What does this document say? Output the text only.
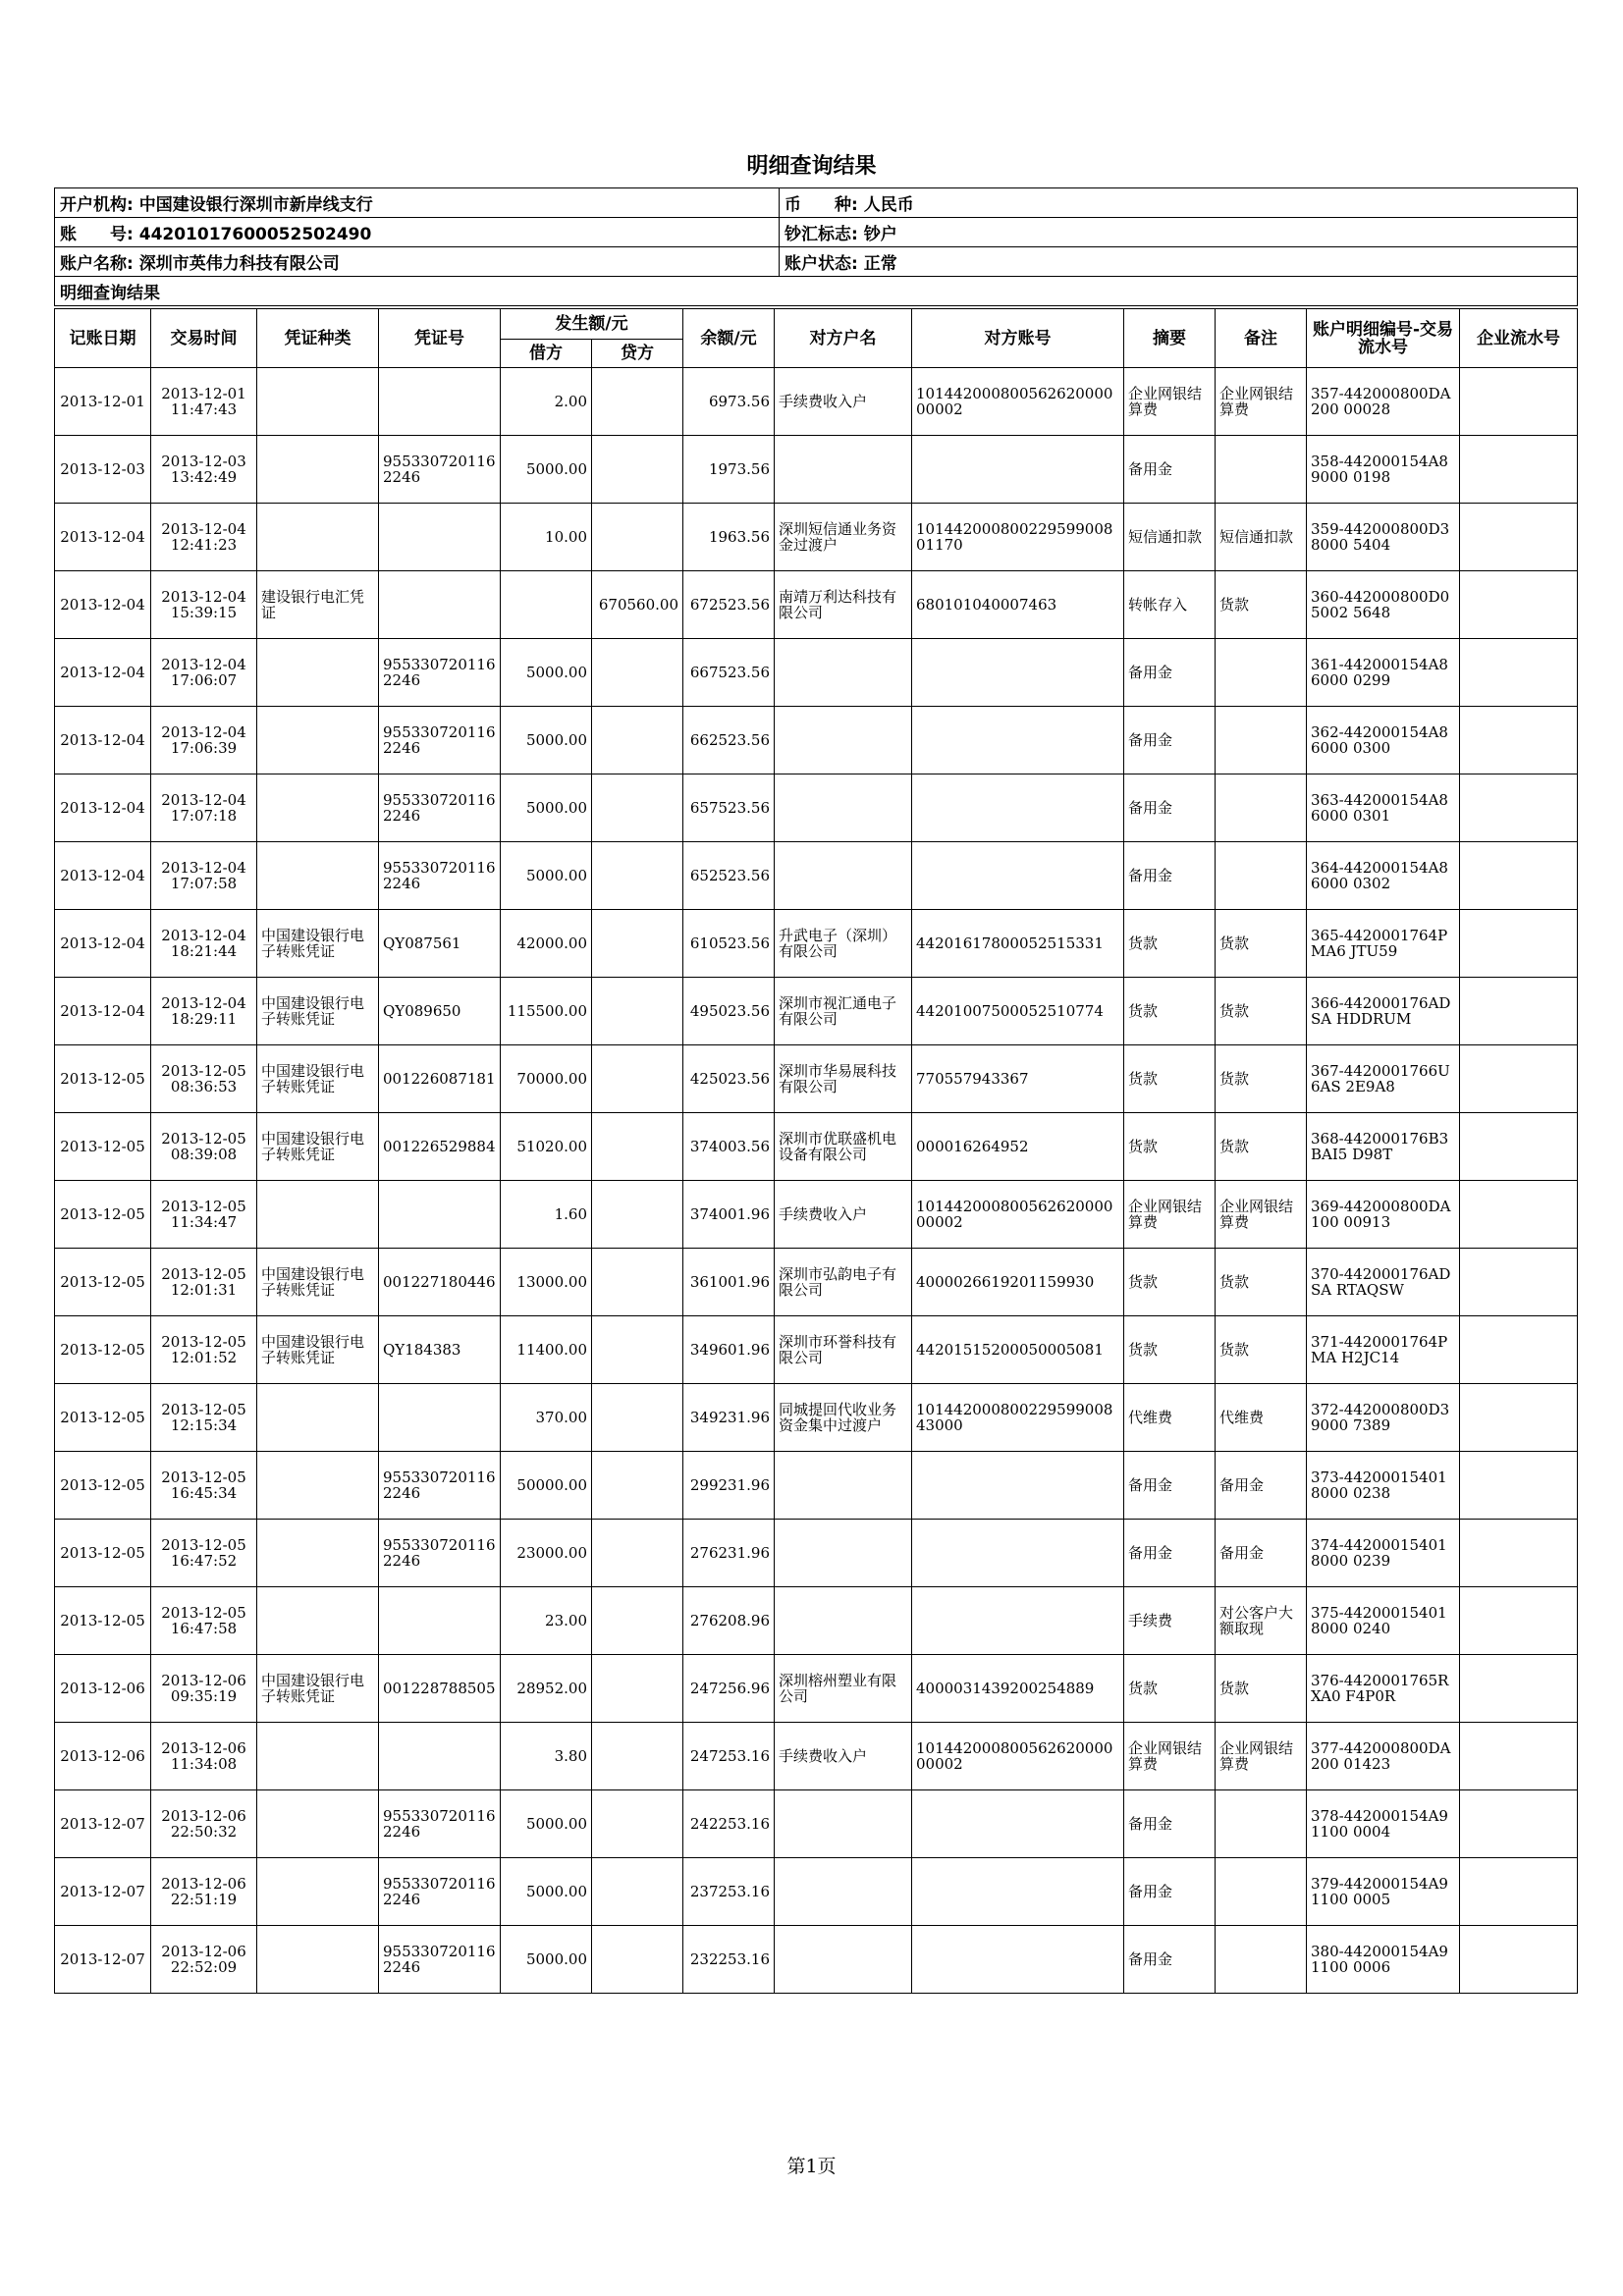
明细查询结果
开户机构: 中国建设银行深圳市新岸线支行	币　　种: 人民币
账　　号: 44201017600052502490	钞汇标志: 钞户
账户名称: 深圳市英伟力科技有限公司	账户状态: 正常
明细查询结果	
记账日期	交易时间	凭证种类	凭证号	发生额/元		余额/元	对方户名	对方账号	摘要	备注	账户明细编号-交易流水号	企业流水号
				借方	贷方							
2013-12-01	2013-12-01 11:47:43			2.00		6973.56	手续费收入户	101442000800562620000 00002	企业网银结算费	企业网银结算费	357-442000800DA200 00028	
2013-12-03	2013-12-03 13:42:49		955330720116 2246	5000.00		1973.56			备用金		358-442000154A89000 0198	
2013-12-04	2013-12-04 12:41:23			10.00		1963.56	深圳短信通业务资金过渡户	101442000800229599008 01170	短信通扣款	短信通扣款	359-442000800D38000 5404	
2013-12-04	2013-12-04 15:39:15	建设银行电汇凭证			670560.00	672523.56	南靖万利达科技有限公司	680101040007463	转帐存入	货款	360-442000800D05002 5648	
2013-12-04	2013-12-04 17:06:07		955330720116 2246	5000.00		667523.56			备用金		361-442000154A86000 0299	
2013-12-04	2013-12-04 17:06:39		955330720116 2246	5000.00		662523.56			备用金		362-442000154A86000 0300	
2013-12-04	2013-12-04 17:07:18		955330720116 2246	5000.00		657523.56			备用金		363-442000154A86000 0301	
2013-12-04	2013-12-04 17:07:58		955330720116 2246	5000.00		652523.56			备用金		364-442000154A86000 0302	
2013-12-04	2013-12-04 18:21:44	中国建设银行电子转账凭证	QY087561	42000.00		610523.56	升武电子（深圳）有限公司	44201617800052515331	货款	货款	365-4420001764PMA6 JTU59	
2013-12-04	2013-12-04 18:29:11	中国建设银行电子转账凭证	QY089650	115500.00		495023.56	深圳市视汇通电子有限公司	44201007500052510774	货款	货款	366-442000176ADSA HDDRUM	
2013-12-05	2013-12-05 08:36:53	中国建设银行电子转账凭证	001226087181	70000.00		425023.56	深圳市华易展科技有限公司	770557943367	货款	货款	367-4420001766U6AS 2E9A8	
2013-12-05	2013-12-05 08:39:08	中国建设银行电子转账凭证	001226529884	51020.00		374003.56	深圳市优联盛机电设备有限公司	000016264952	货款	货款	368-442000176B3BAI5 D98T	
2013-12-05	2013-12-05 11:34:47			1.60		374001.96	手续费收入户	101442000800562620000 00002	企业网银结算费	企业网银结算费	369-442000800DA100 00913	
2013-12-05	2013-12-05 12:01:31	中国建设银行电子转账凭证	001227180446	13000.00		361001.96	深圳市弘韵电子有限公司	4000026619201159930	货款	货款	370-442000176ADSA RTAQSW	
2013-12-05	2013-12-05 12:01:52	中国建设银行电子转账凭证	QY184383	11400.00		349601.96	深圳市环誉科技有限公司	44201515200050005081	货款	货款	371-4420001764PMA H2JC14	
2013-12-05	2013-12-05 12:15:34			370.00		349231.96	同城提回代收业务资金集中过渡户	101442000800229599008 43000	代维费	代维费	372-442000800D39000 7389	
2013-12-05	2013-12-05 16:45:34		955330720116 2246	50000.00		299231.96			备用金	备用金	373-442000154018000 0238	
2013-12-05	2013-12-05 16:47:52		955330720116 2246	23000.00		276231.96			备用金	备用金	374-442000154018000 0239	
2013-12-05	2013-12-05 16:47:58			23.00		276208.96			手续费	对公客户大额取现	375-442000154018000 0240	
2013-12-06	2013-12-06 09:35:19	中国建设银行电子转账凭证	001228788505	28952.00		247256.96	深圳榕州塑业有限公司	4000031439200254889	货款	货款	376-4420001765RXA0 F4P0R	
2013-12-06	2013-12-06 11:34:08			3.80		247253.16	手续费收入户	101442000800562620000 00002	企业网银结算费	企业网银结算费	377-442000800DA200 01423	
2013-12-07	2013-12-06 22:50:32		955330720116 2246	5000.00		242253.16			备用金		378-442000154A91100 0004	
2013-12-07	2013-12-06 22:51:19		955330720116 2246	5000.00		237253.16			备用金		379-442000154A91100 0005	
2013-12-07	2013-12-06 22:52:09		955330720116 2246	5000.00		232253.16			备用金		380-442000154A91100 0006	
第1页
